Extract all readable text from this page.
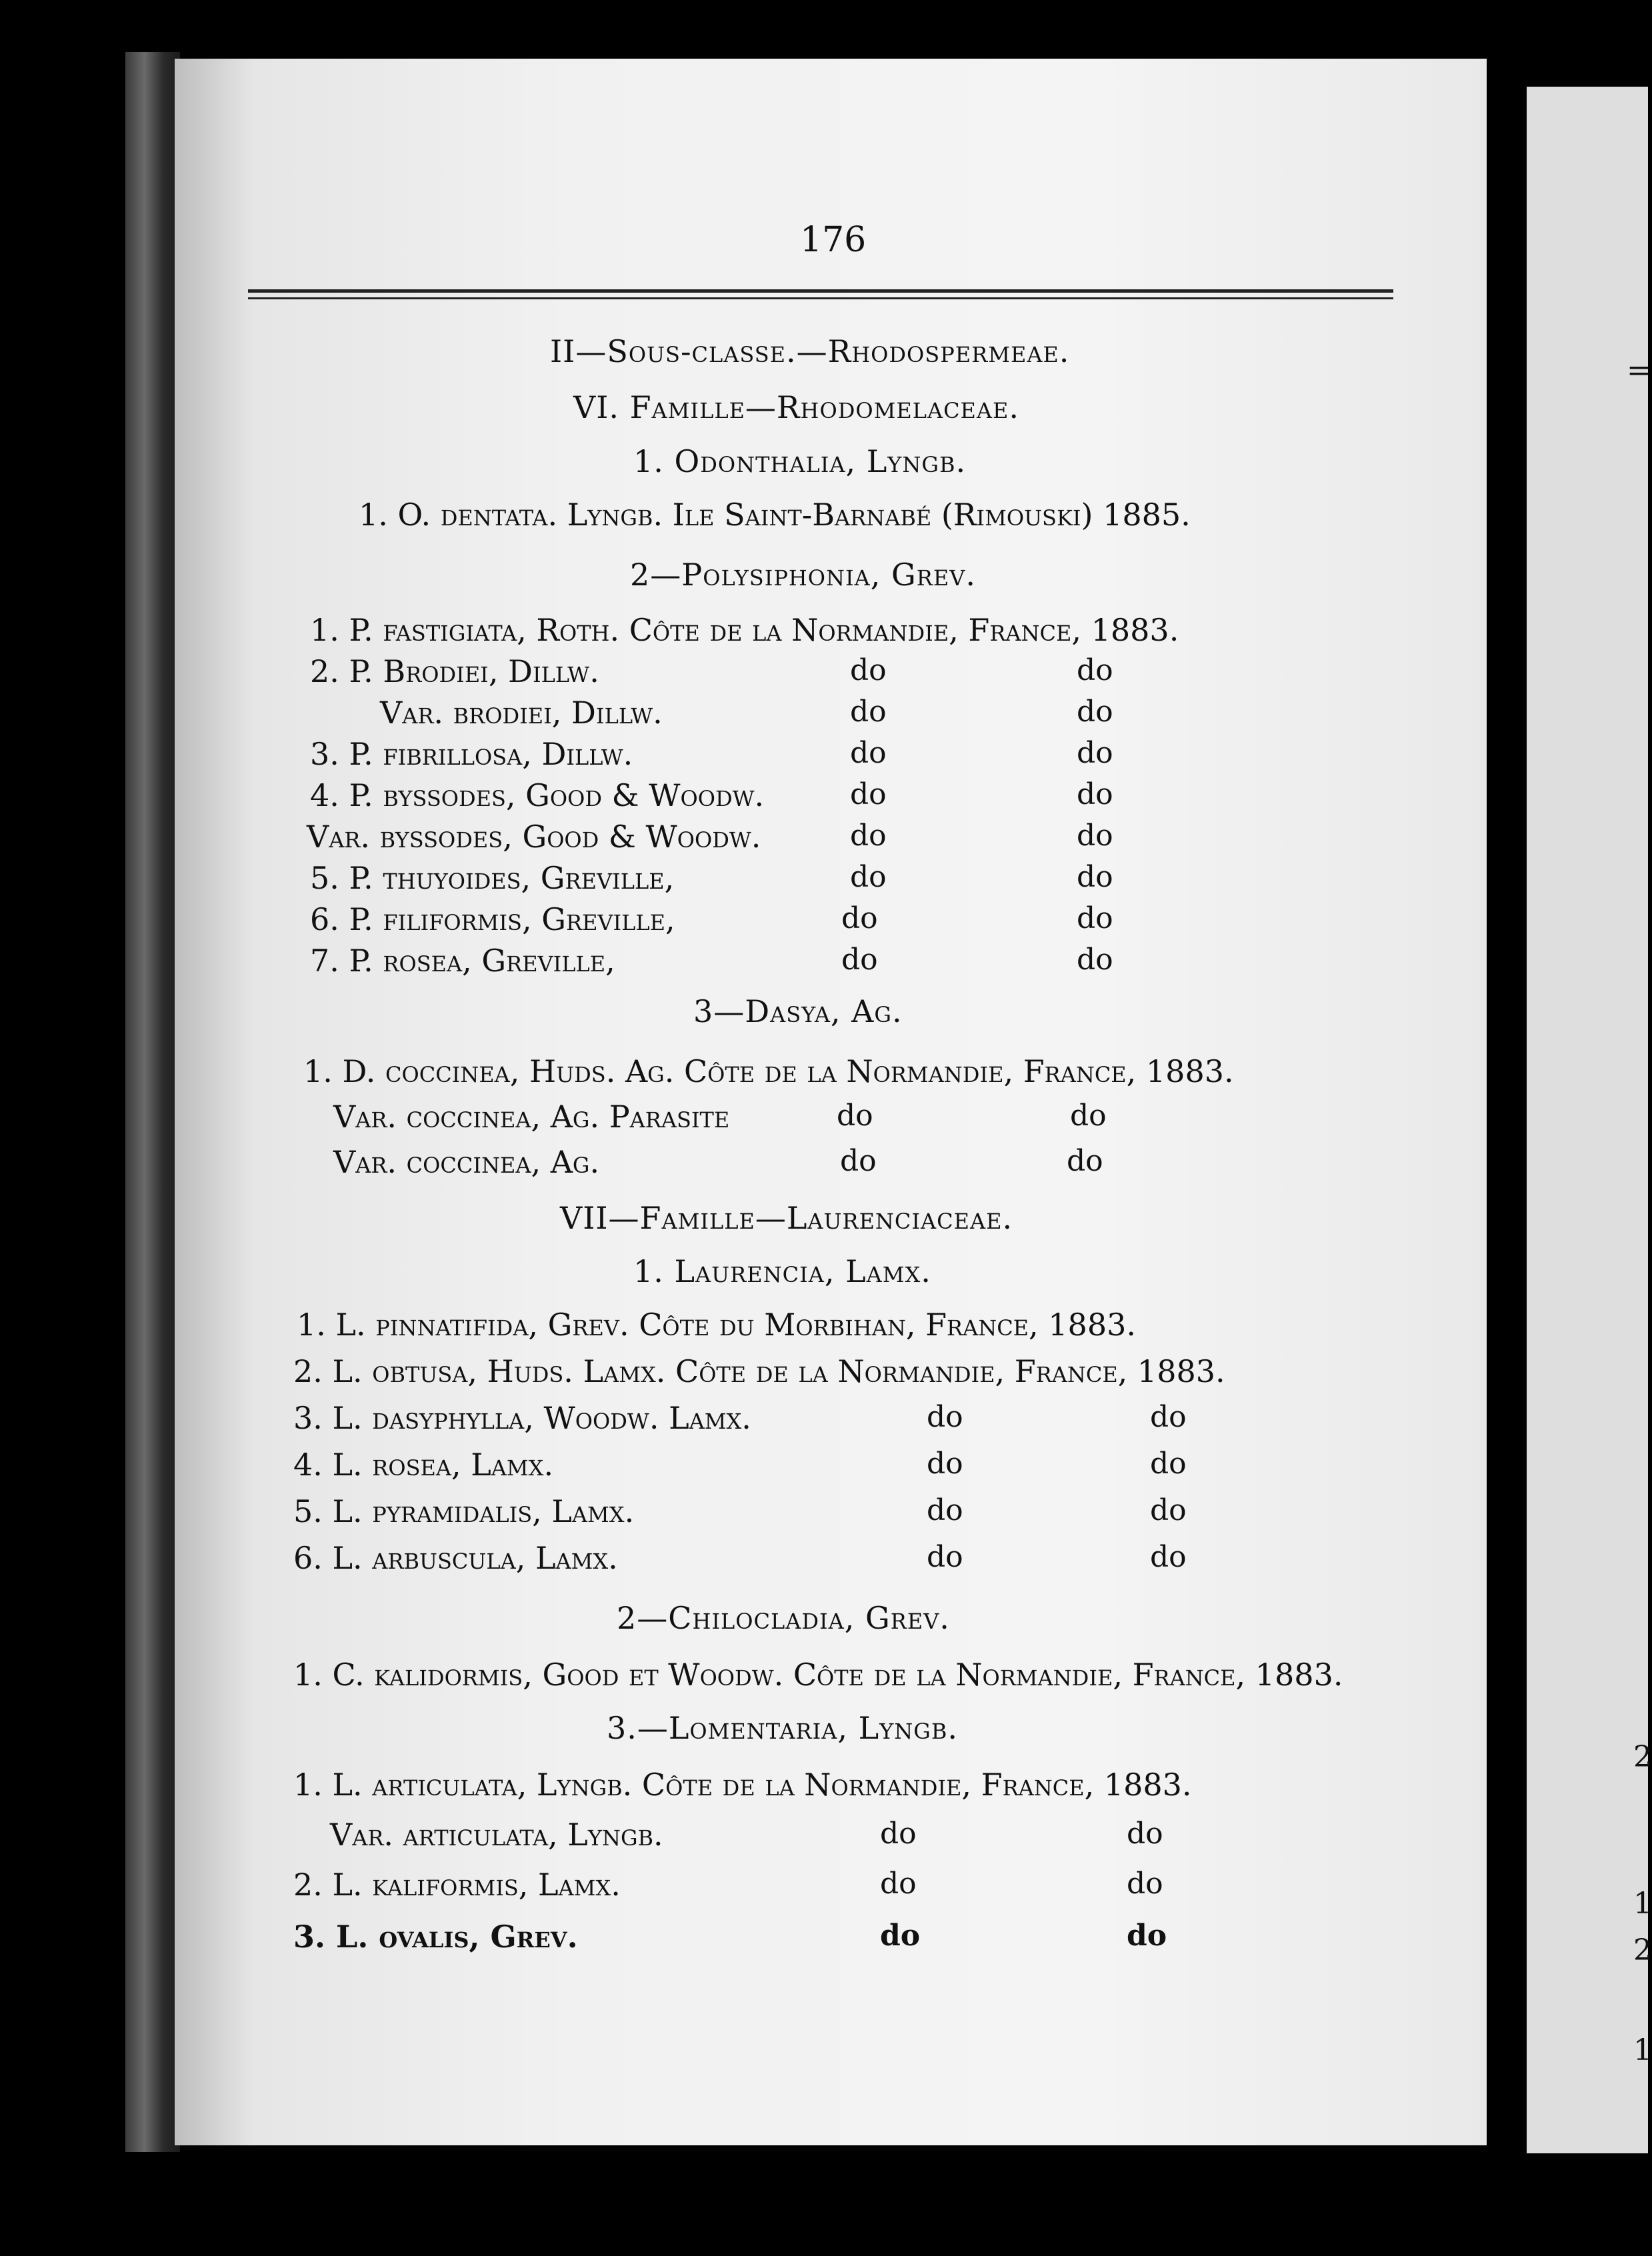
=
2
1
2
1
176
II—Sous-classe.—Rhodospermeae.
VI. Famille—Rhodomelaceae.
1. Odonthalia, Lyngb.
1. O. dentata. Lyngb. Ile Saint-Barnabé (Rimouski) 1885.
2—Polysiphonia, Grev.
1. P. fastigiata, Roth. Côte de la Normandie, France, 1883.
2. P. Brodiei, Dillw.	do	do
Var. brodiei, Dillw.	do	do
3. P. fibrillosa, Dillw.	do	do
4. P. byssodes, Good & Woodw.	do	do
Var. byssodes, Good & Woodw.	do	do
5. P. thuyoides, Greville,	do	do
6. P. filiformis, Greville,	do	do
7. P. rosea, Greville,	do	do
3—Dasya, Ag.
1. D. coccinea, Huds. Ag. Côte de la Normandie, France, 1883.
Var. coccinea, Ag. Parasite	do	do
Var. coccinea, Ag.	do	do
VII—Famille—Laurenciaceae.
1. Laurencia, Lamx.
1. L. pinnatifida, Grev. Côte du Morbihan, France, 1883.
2. L. obtusa, Huds. Lamx. Côte de la Normandie, France, 1883.
3. L. dasyphylla, Woodw. Lamx.	do	do
4. L. rosea, Lamx.	do	do
5. L. pyramidalis, Lamx.	do	do
6. L. arbuscula, Lamx.	do	do
2—Chilocladia, Grev.
1. C. kalidormis, Good et Woodw. Côte de la Normandie, France, 1883.
3.—Lomentaria, Lyngb.
1. L. articulata, Lyngb. Côte de la Normandie, France, 1883.
Var. articulata, Lyngb.	do	do
2. L. kaliformis, Lamx.	do	do
3. L. ovalis, Grev.	do	do
